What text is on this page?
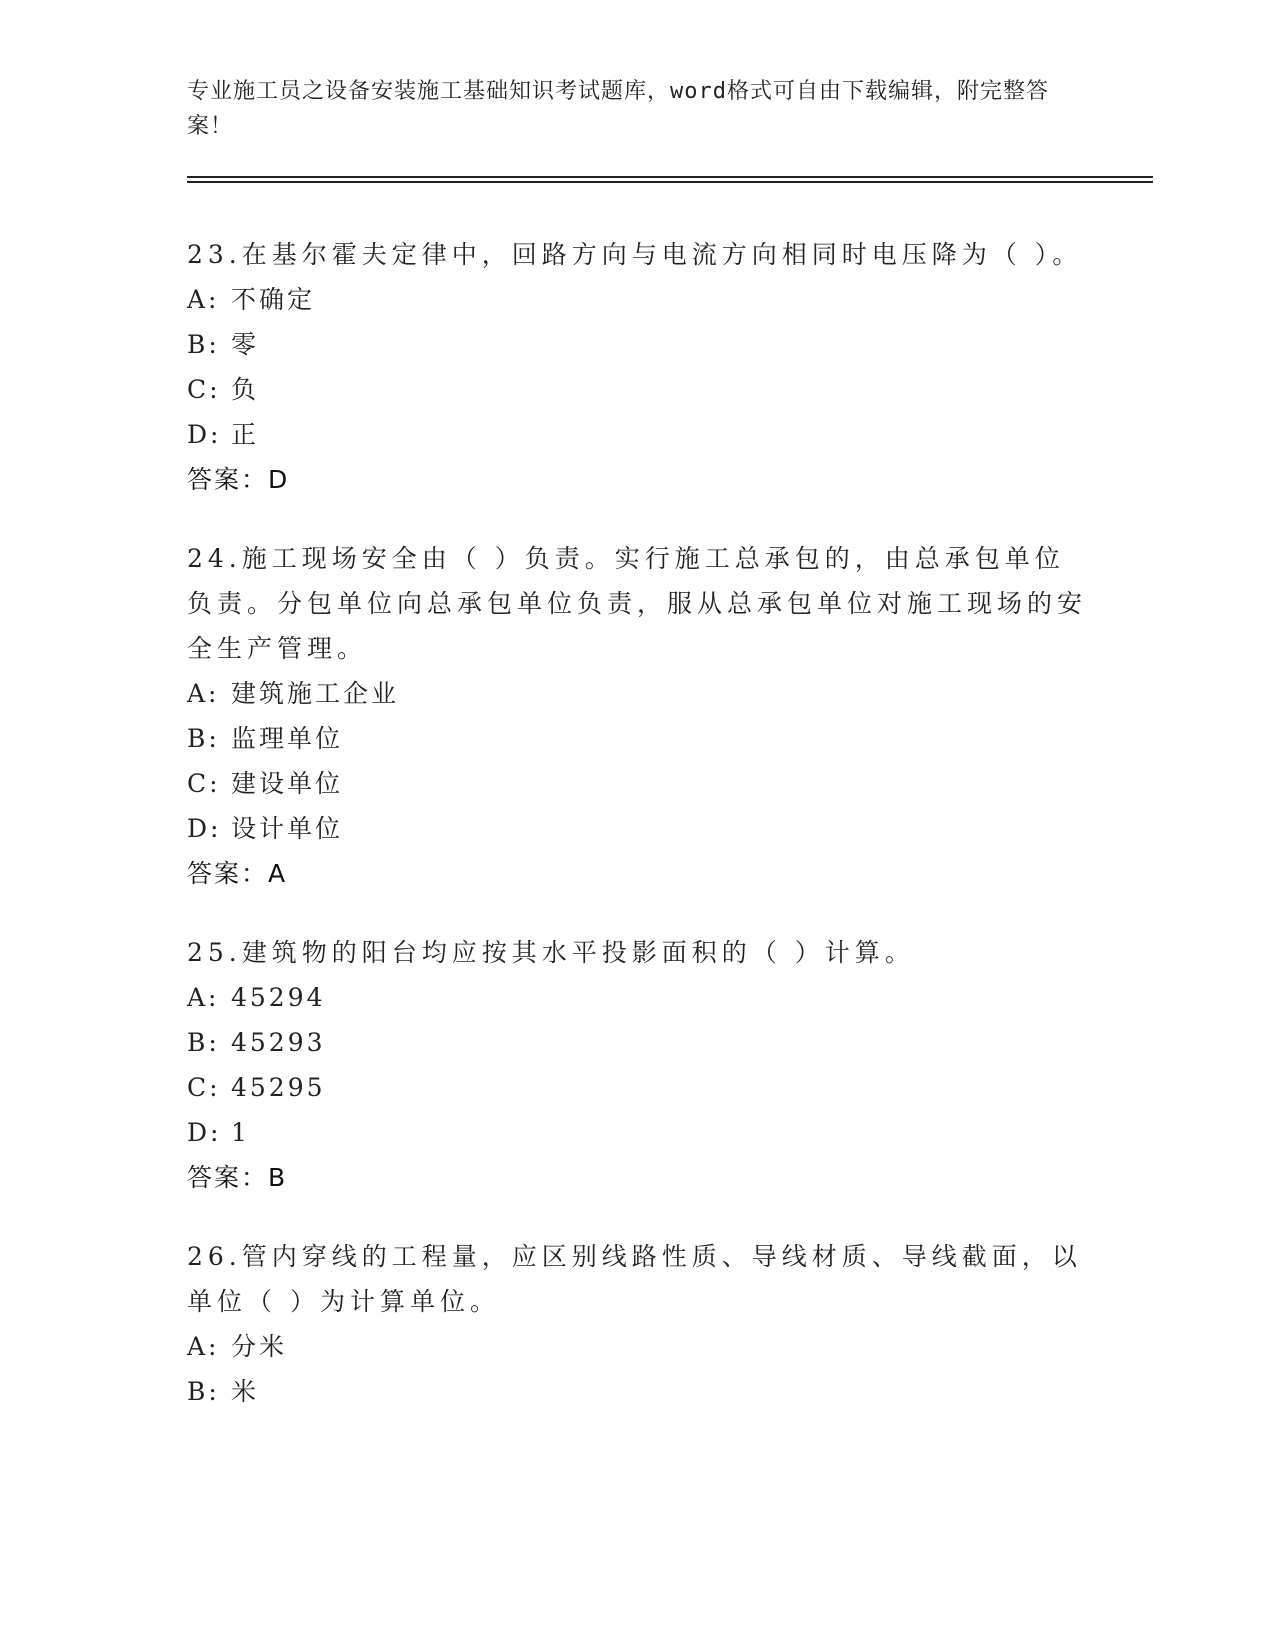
专业施工员之设备安装施工基础知识考试题库，word格式可自由下载编辑，附完整答案！
23.在基尔霍夫定律中，回路方向与电流方向相同时电压降为（ ）。
A: 不确定
B: 零
C: 负
D: 正
答案：D
24.施工现场安全由（ ）负责。实行施工总承包的，由总承包单位负责。分包单位向总承包单位负责，服从总承包单位对施工现场的安全生产管理。
A: 建筑施工企业
B: 监理单位
C: 建设单位
D: 设计单位
答案：A
25.建筑物的阳台均应按其水平投影面积的（ ）计算。
A: 45294
B: 45293
C: 45295
D: 1
答案：B
26.管内穿线的工程量，应区别线路性质、导线材质、导线截面，以单位（ ）为计算单位。
A: 分米
B: 米
